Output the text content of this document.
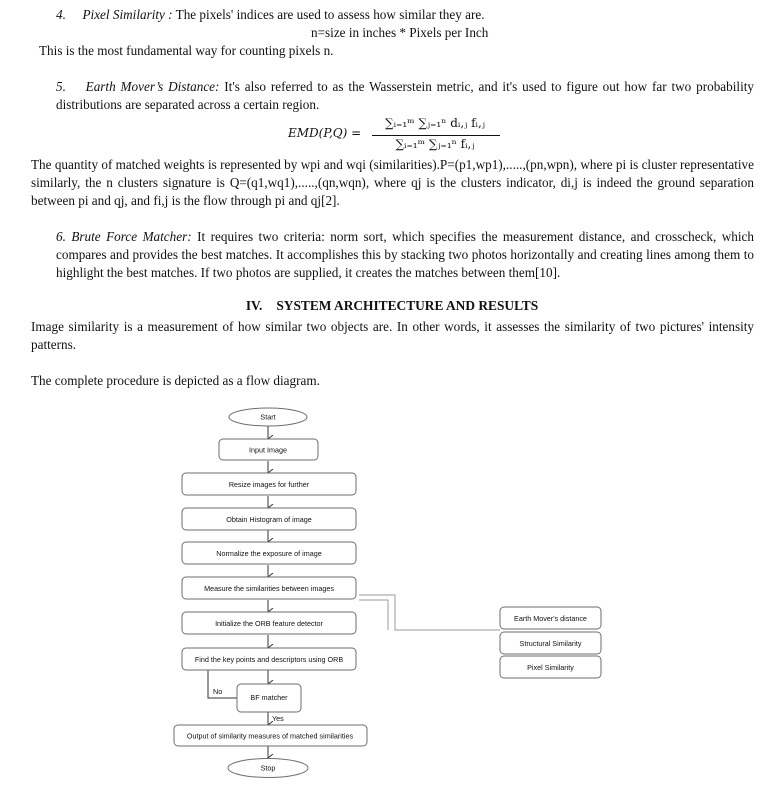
4. Pixel Similarity : The pixels' indices are used to assess how similar they are.
n=size in inches * Pixels per Inch
This is the most fundamental way for counting pixels n.
5. Earth Mover’s Distance: It's also referred to as the Wasserstein metric, and it's used to figure out how far two probability distributions are separated across a certain region.
EMD(P,Q) =
∑ᵢ₌₁ᵐ ∑ⱼ₌₁ⁿ dᵢ,ⱼ fᵢ,ⱼ
∑ᵢ₌₁ᵐ ∑ⱼ₌₁ⁿ fᵢ,ⱼ
The quantity of matched weights is represented by wpi and wqi (similarities).P=(p1,wp1),.....,(pn,wpn), where pi is cluster representative similarly, the n clusters signature is Q=(q1,wq1),.....,(qn,wqn), where qj is the clusters indicator, di,j is indeed the ground separation between pi and qj, and fi,j is the flow through pi and qj[2].
6. Brute Force Matcher: It requires two criteria: norm sort, which specifies the measurement distance, and crosscheck, which compares and provides the best matches. It accomplishes this by stacking two photos horizontally and creating lines among them to highlight the best matches. If two photos are supplied, it creates the matches between them[10].
IV. SYSTEM ARCHITECTURE AND RESULTS
Image similarity is a measurement of how similar two objects are. In other words, it assesses the similarity of two pictures' intensity patterns.
The complete procedure is depicted as a flow diagram.
Start
Input Image
Resize images for further
Obtain Histogram of image
Normalize the exposure of image
Measure the similarities between images
Initialize the ORB feature detector
Find the key points and descriptors using ORB
BF matcher
No
Yes
Output of similarity measures of matched similarities
Stop
Earth Mover's distance
Structural Similarity
Pixel Similarity
